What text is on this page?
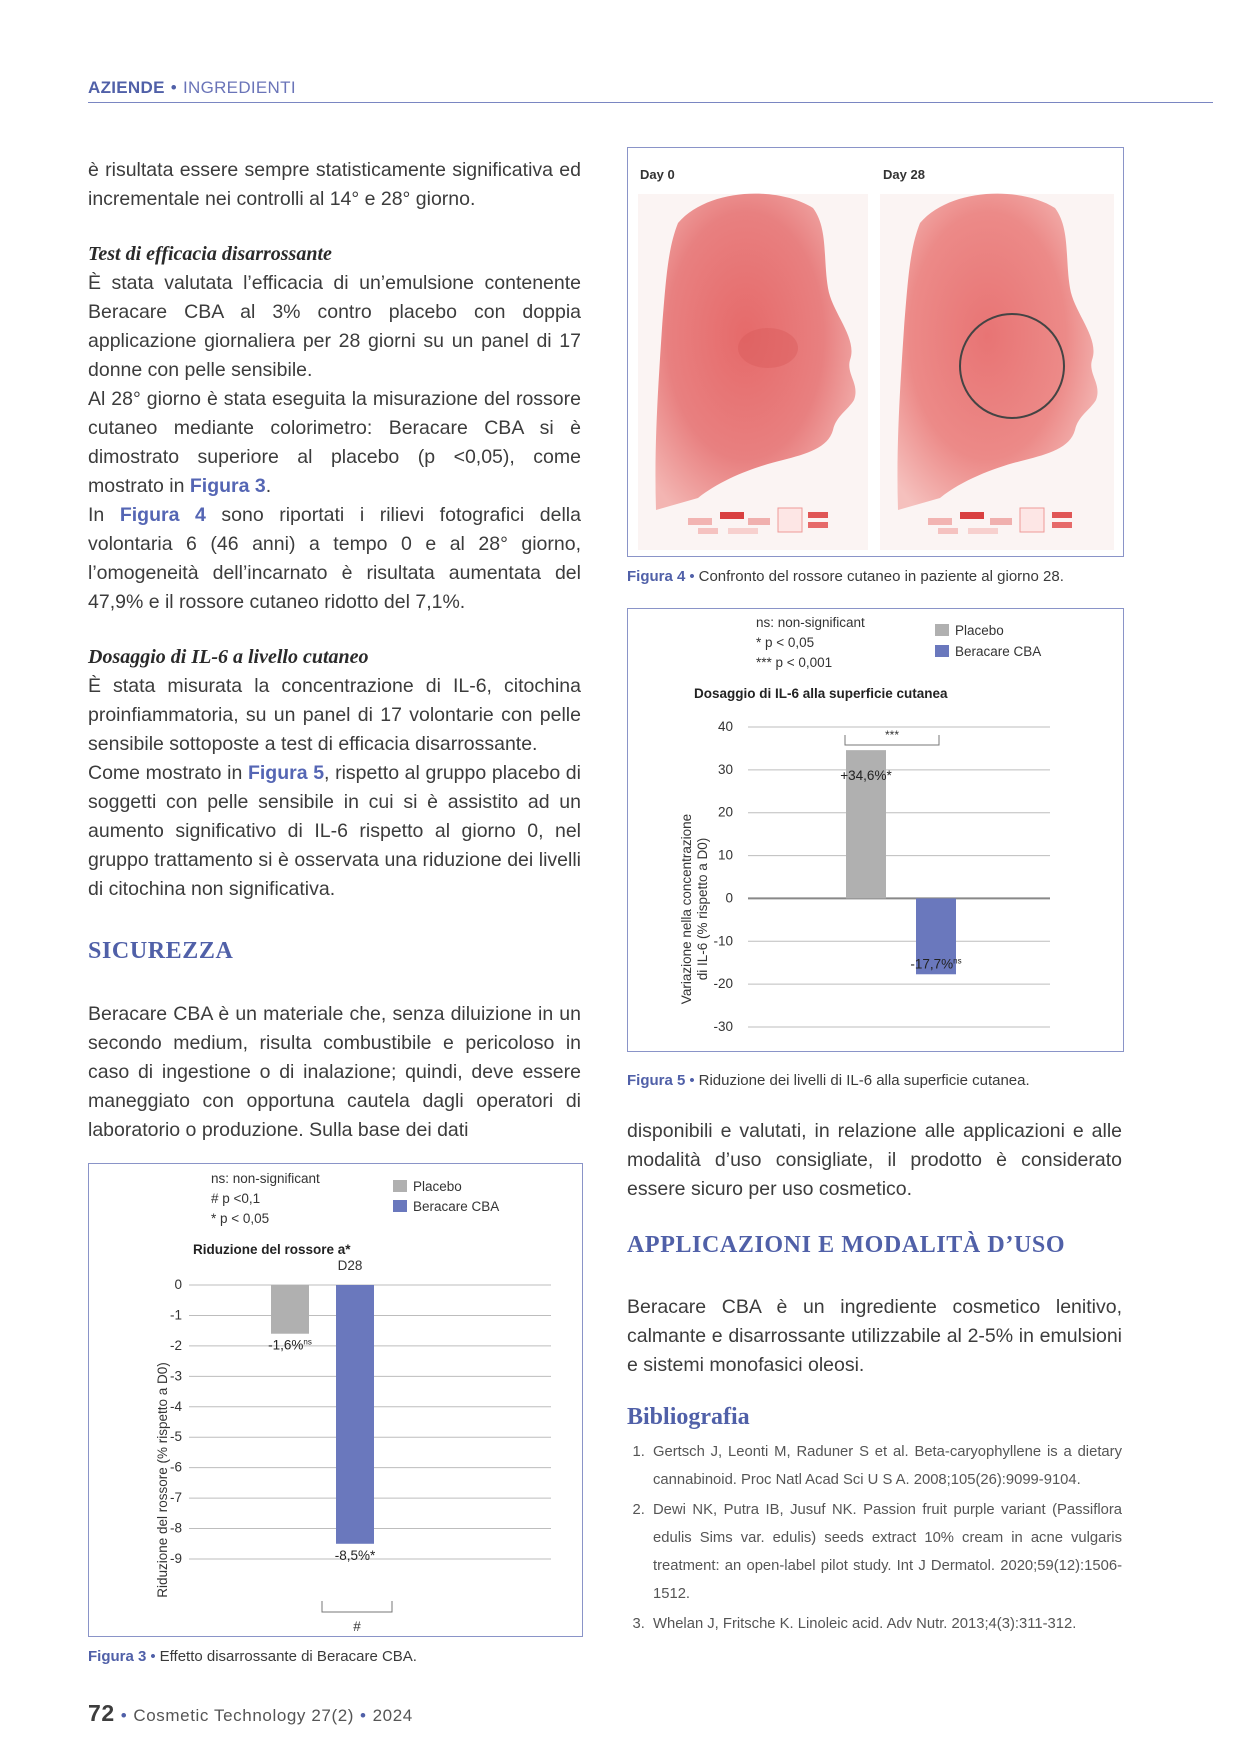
AZIENDE • INGREDIENTI

è risultata essere sempre statisticamente significativa ed incrementale nei controlli al 14° e 28° giorno.

Test di efficacia disarrossante

È stata valutata l’efficacia di un’emulsione contenente Beracare CBA al 3% contro placebo con doppia applicazione giornaliera per 28 giorni su un panel di 17 donne con pelle sensibile.

Al 28° giorno è stata eseguita la misurazione del rossore cutaneo mediante colorimetro: Beracare CBA si è dimostrato superiore al placebo (p <0,05), come mostrato in Figura 3.

In Figura 4 sono riportati i rilievi fotografici della volontaria 6 (46 anni) a tempo 0 e al 28° giorno, l’omogeneità dell’incarnato è risultata aumentata del 47,9% e il rossore cutaneo ridotto del 7,1%.

Dosaggio di IL-6 a livello cutaneo

È stata misurata la concentrazione di IL-6, citochina proinfiammatoria, su un panel di 17 volontarie con pelle sensibile sottoposte a test di efficacia disarrossante.

Come mostrato in Figura 5, rispetto al gruppo placebo di soggetti con pelle sensibile in cui si è assistito ad un aumento significativo di IL-6 rispetto al giorno 0, nel gruppo trattamento si è osservata una riduzione dei livelli di citochina non significativa.

SICUREZZA

Beracare CBA è un materiale che, senza diluizione in un secondo medium, risulta combustibile e pericoloso in caso di ingestione o di inalazione; quindi, deve essere maneggiato con opportuna cautela dagli operatori di laboratorio o produzione. Sulla base dei dati

ns: non-significant
# p <0,1
* p < 0,05
Placebo
Beracare CBA
Riduzione del rossore a*
D28
Riduzione del rossore (% rispetto a D0)
0
-1
-2
-3
-4
-5
-6
-7
-8
-9
-1,6%$^{ns}$
-8,5%*
#
Figura 3 • Effetto disarrossante di Beracare CBA.
Day 0	Day 28
Figura 4 • Confronto del rossore cutaneo in paziente al giorno 28.
ns: non-significant
* p < 0,05
*** p < 0,001
Placebo
Beracare CBA
Dosaggio di IL-6 alla superficie cutanea
Variazione nella concentrazione di IL-6 (% rispetto a D0)
40
30
20
10
0
-10
-20
-30
+34,6%*
-17,7%$^{ns}$
***
Figura 5 • Riduzione dei livelli di IL-6 alla superficie cutanea.

disponibili e valutati, in relazione alle applicazioni e alle modalità d’uso consigliate, il prodotto è considerato essere sicuro per uso cosmetico.

APPLICAZIONI E MODALITÀ D’USO

Beracare CBA è un ingrediente cosmetico lenitivo, calmante e disarrossante utilizzabile al 2-5% in emulsioni e sistemi monofasici oleosi.

Bibliografia
1. Gertsch J, Leonti M, Raduner S et al. Beta-caryophyllene is a dietary cannabinoid. Proc Natl Acad Sci U S A. 2008;105(26):9099-9104.
2. Dewi NK, Putra IB, Jusuf NK. Passion fruit purple variant (Passiflora edulis Sims var. edulis) seeds extract 10% cream in acne vulgaris treatment: an open-label pilot study. Int J Dermatol. 2020;59(12):1506-1512.
3. Whelan J, Fritsche K. Linoleic acid. Adv Nutr. 2013;4(3):311-312.
72 • Cosmetic Technology 27(2) • 2024
